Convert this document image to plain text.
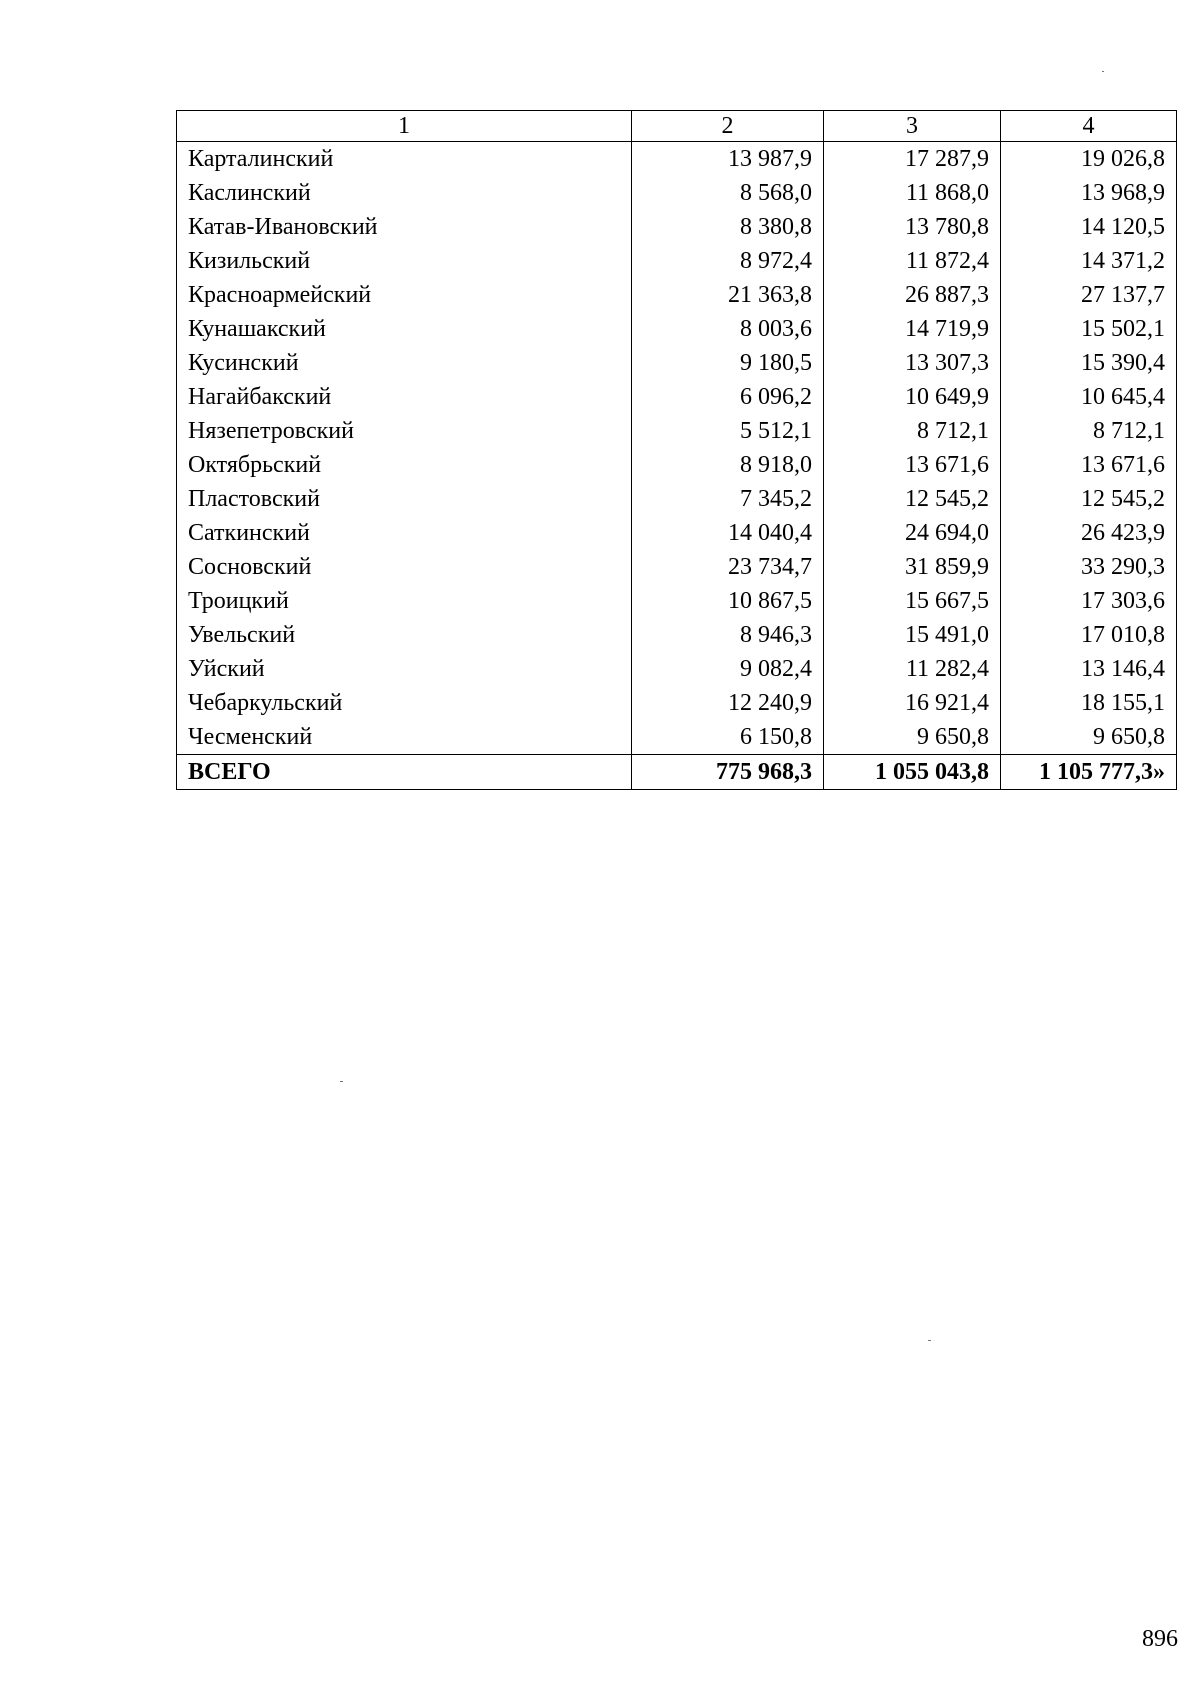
1	2	3	4
Карталинский	13 987,9	17 287,9	19 026,8
Каслинский	8 568,0	11 868,0	13 968,9
Катав-Ивановский	8 380,8	13 780,8	14 120,5
Кизильский	8 972,4	11 872,4	14 371,2
Красноармейский	21 363,8	26 887,3	27 137,7
Кунашакский	8 003,6	14 719,9	15 502,1
Кусинский	9 180,5	13 307,3	15 390,4
Нагайбакский	6 096,2	10 649,9	10 645,4
Нязепетровский	5 512,1	8 712,1	8 712,1
Октябрьский	8 918,0	13 671,6	13 671,6
Пластовский	7 345,2	12 545,2	12 545,2
Саткинский	14 040,4	24 694,0	26 423,9
Сосновский	23 734,7	31 859,9	33 290,3
Троицкий	10 867,5	15 667,5	17 303,6
Увельский	8 946,3	15 491,0	17 010,8
Уйский	9 082,4	11 282,4	13 146,4
Чебаркульский	12 240,9	16 921,4	18 155,1
Чесменский	6 150,8	9 650,8	9 650,8
ВСЕГО	775 968,3	1 055 043,8	1 105 777,3»
896
